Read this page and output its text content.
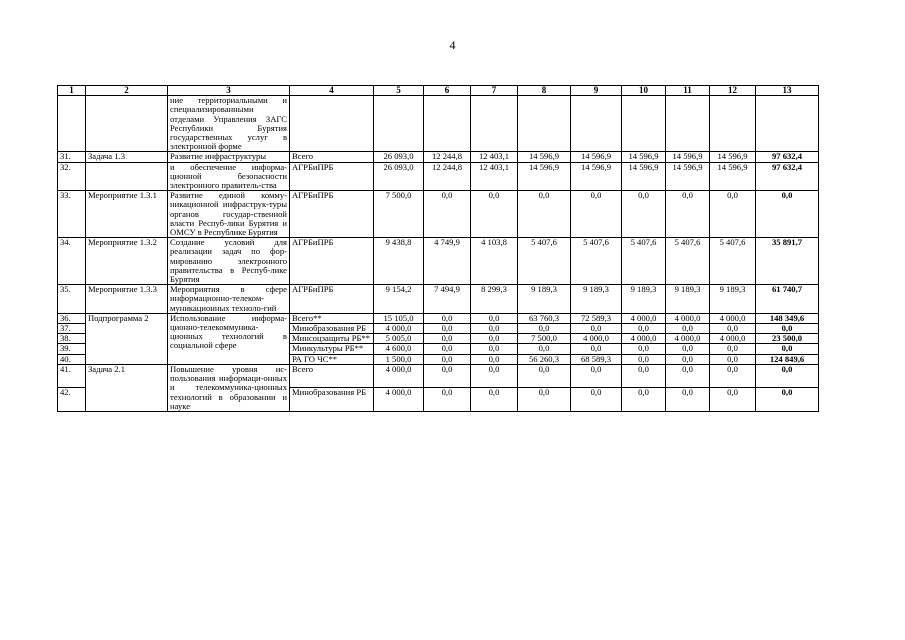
4
1	2	3	4	5	6	7	8	9	10	11	12	13
		ние территориальными и специализированными отделами Управления ЗАГС Республики Бурятия государственных услуг в электронной форме										
31.	Задача 1.3	Развитие инфраструктуры	Всего	26 093,0	12 244,8	12 403,1	14 596,9	14 596,9	14 596,9	14 596,9	14 596,9	97 632,4
32.		и обеспечение информа-ционной безопасности электронного правитель-ства	АГРБиПРБ	26 093,0	12 244,8	12 403,1	14 596,9	14 596,9	14 596,9	14 596,9	14 596,9	97 632,4
33.	Мероприятие 1.3.1	Развитие единой комму-никационной инфраструк-туры органов государ-ственной власти Респуб-лики Бурятия и ОМСУ в Республике Бурятия	АГРБиПРБ	7 500,0	0,0	0,0	0,0	0,0	0,0	0,0	0,0	0,0
34.	Мероприятие 1.3.2	Создание условий для реализации задач по фор-мированию электронного правительства в Респуб-лике Бурятия	АГРБиПРБ	9 438,8	4 749,9	4 103,8	5 407,6	5 407,6	5 407,6	5 407,6	5 407,6	35 891,7
35.	Мероприятие 1.3.3	Мероприятия в сфере информационно-телеком-муникационных техноло-гий	АГРБиПРБ	9 154,2	7 494,9	8 299,3	9 189,3	9 189,3	9 189,3	9 189,3	9 189,3	61 740,7
36.	Подпрограмма 2	Использование информа-ционно-телекоммуника-ционных технологий в социальной сфере	Всего**	15 105,0	0,0	0,0	63 760,3	72 589,3	4 000,0	4 000,0	4 000,0	148 349,6
37.			Минобразования РБ	4 000,0	0,0	0,0	0,0	0,0	0,0	0,0	0,0	0,0
38.			Минсоцзащиты РБ**	5 005,0	0,0	0,0	7 500,0	4 000,0	4 000,0	4 000,0	4 000,0	23 500,0
39.			Минкультуры РБ**	4 600,0	0,0	0,0	0,0	0,0	0,0	0,0	0,0	0,0
40.			РА ГО ЧС**	1 500,0	0,0	0,0	56 260,3	68 589,3	0,0	0,0	0,0	124 849,6
41.	Задача 2.1	Повышение уровня ис-пользования информаци-онных и телекоммуника-ционных технологий в образовании и науке	Всего	4 000,0	0,0	0,0	0,0	0,0	0,0	0,0	0,0	0,0
42.			Минобразования РБ	4 000,0	0,0	0,0	0,0	0,0	0,0	0,0	0,0	0,0
